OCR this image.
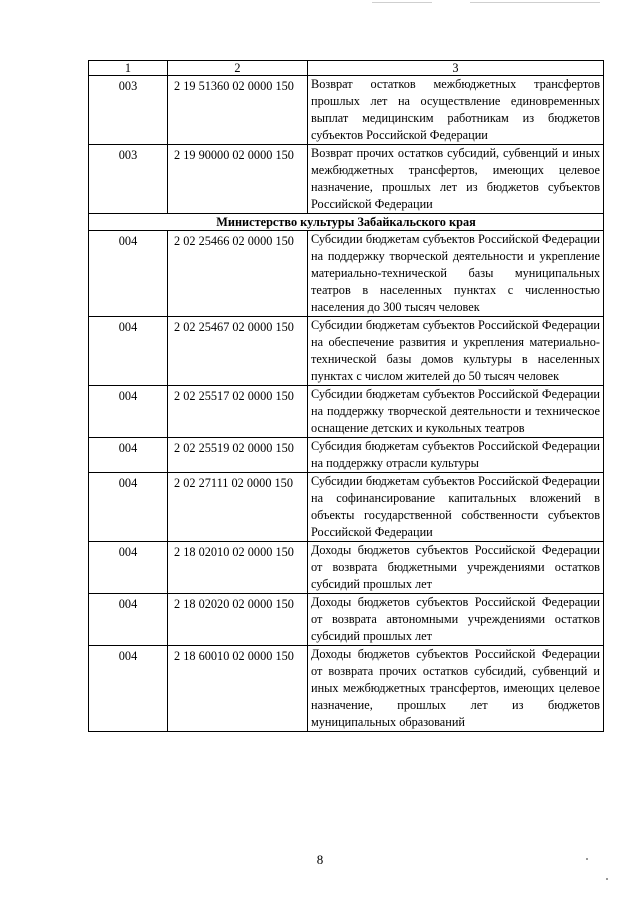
1	2	3
003	2 19 51360 02 0000 150	Возврат остатков межбюджетных трансфертов прошлых лет на осуществление единовременных выплат медицинским работникам из бюджетов субъектов Российской Федерации
003	2 19 90000 02 0000 150	Возврат прочих остатков субсидий, субвенций и иных межбюджетных трансфертов, имеющих целевое назначение, прошлых лет из бюджетов субъектов Российской Федерации
Министерство культуры Забайкальского края		
004	2 02 25466 02 0000 150	Субсидии бюджетам субъектов Российской Федерации на поддержку творческой деятельности и укрепление материально-технической базы муниципальных театров в населенных пунктах с численностью населения до 300 тысяч человек
004	2 02 25467 02 0000 150	Субсидии бюджетам субъектов Российской Федерации на обеспечение развития и укрепления материально-технической базы домов культуры в населенных пунктах с числом жителей до 50 тысяч человек
004	2 02 25517 02 0000 150	Субсидии бюджетам субъектов Российской Федерации на поддержку творческой деятельности и техническое оснащение детских и кукольных театров
004	2 02 25519 02 0000 150	Субсидия бюджетам субъектов Российской Федерации на поддержку отрасли культуры
004	2 02 27111 02 0000 150	Субсидии бюджетам субъектов Российской Федерации на софинансирование капитальных вложений в объекты государственной собственности субъектов Российской Федерации
004	2 18 02010 02 0000 150	Доходы бюджетов субъектов Российской Федерации от возврата бюджетными учреждениями остатков субсидий прошлых лет
004	2 18 02020 02 0000 150	Доходы бюджетов субъектов Российской Федерации от возврата автономными учреждениями остатков субсидий прошлых лет
004	2 18 60010 02 0000 150	Доходы бюджетов субъектов Российской Федерации от возврата прочих остатков субсидий, субвенций и иных межбюджетных трансфертов, имеющих целевое назначение, прошлых лет из бюджетов муниципальных образований
8
